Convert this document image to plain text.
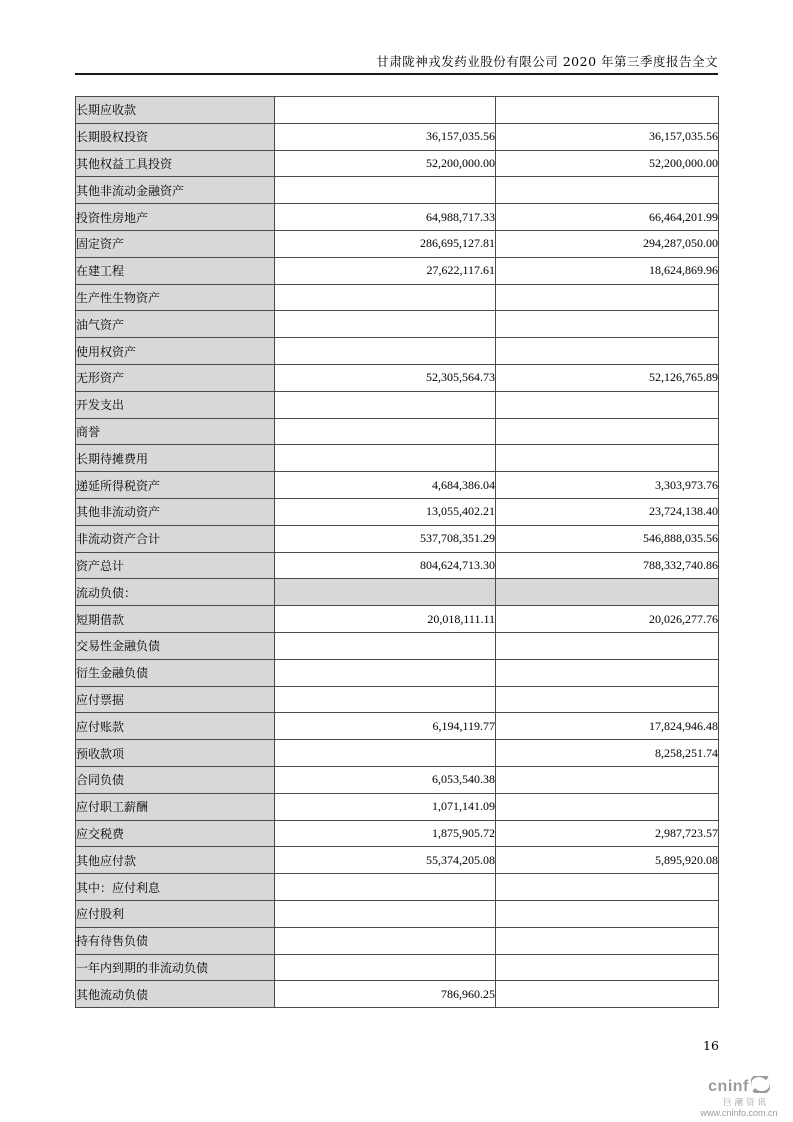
甘肃陇神戎发药业股份有限公司 2020 年第三季度报告全文
长期应收款		
长期股权投资	36,157,035.56	36,157,035.56
其他权益工具投资	52,200,000.00	52,200,000.00
其他非流动金融资产		
投资性房地产	64,988,717.33	66,464,201.99
固定资产	286,695,127.81	294,287,050.00
在建工程	27,622,117.61	18,624,869.96
生产性生物资产		
油气资产		
使用权资产		
无形资产	52,305,564.73	52,126,765.89
开发支出		
商誉		
长期待摊费用		
递延所得税资产	4,684,386.04	3,303,973.76
其他非流动资产	13,055,402.21	23,724,138.40
非流动资产合计	537,708,351.29	546,888,035.56
资产总计	804,624,713.30	788,332,740.86
流动负债：		
短期借款	20,018,111.11	20,026,277.76
交易性金融负债		
衍生金融负债		
应付票据		
应付账款	6,194,119.77	17,824,946.48
预收款项		8,258,251.74
合同负债	6,053,540.38	
应付职工薪酬	1,071,141.09	
应交税费	1,875,905.72	2,987,723.57
其他应付款	55,374,205.08	5,895,920.08
其中：应付利息		
应付股利		
持有待售负债		
一年内到期的非流动负债		
其他流动负债	786,960.25	
16
cninf
巨潮资讯
www.cninfo.com.cn
